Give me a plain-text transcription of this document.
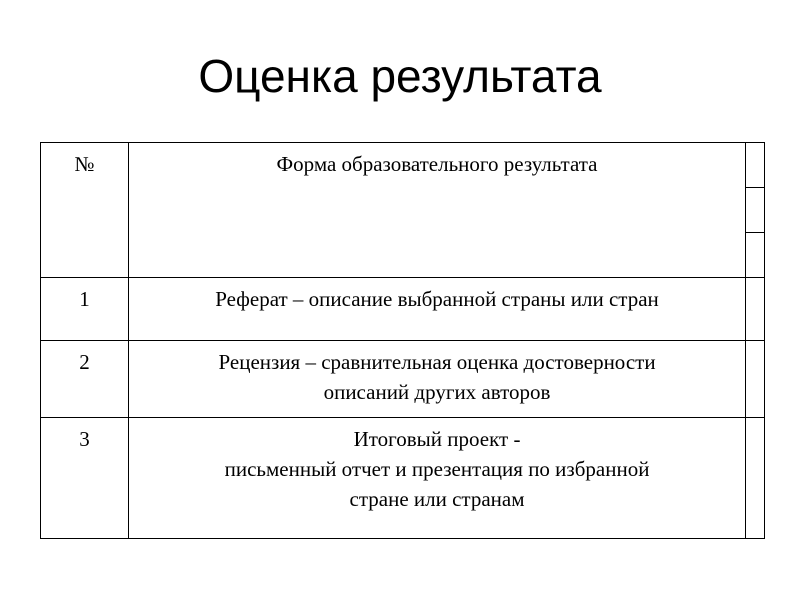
Оценка результата
№	Форма образовательного результата	

1	Реферат – описание выбранной страны или стран	

2	Рецензия – сравнительная оценка достоверности
описаний других авторов	

3	Итоговый проект -
письменный отчет и презентация по избранной
стране или странам	
